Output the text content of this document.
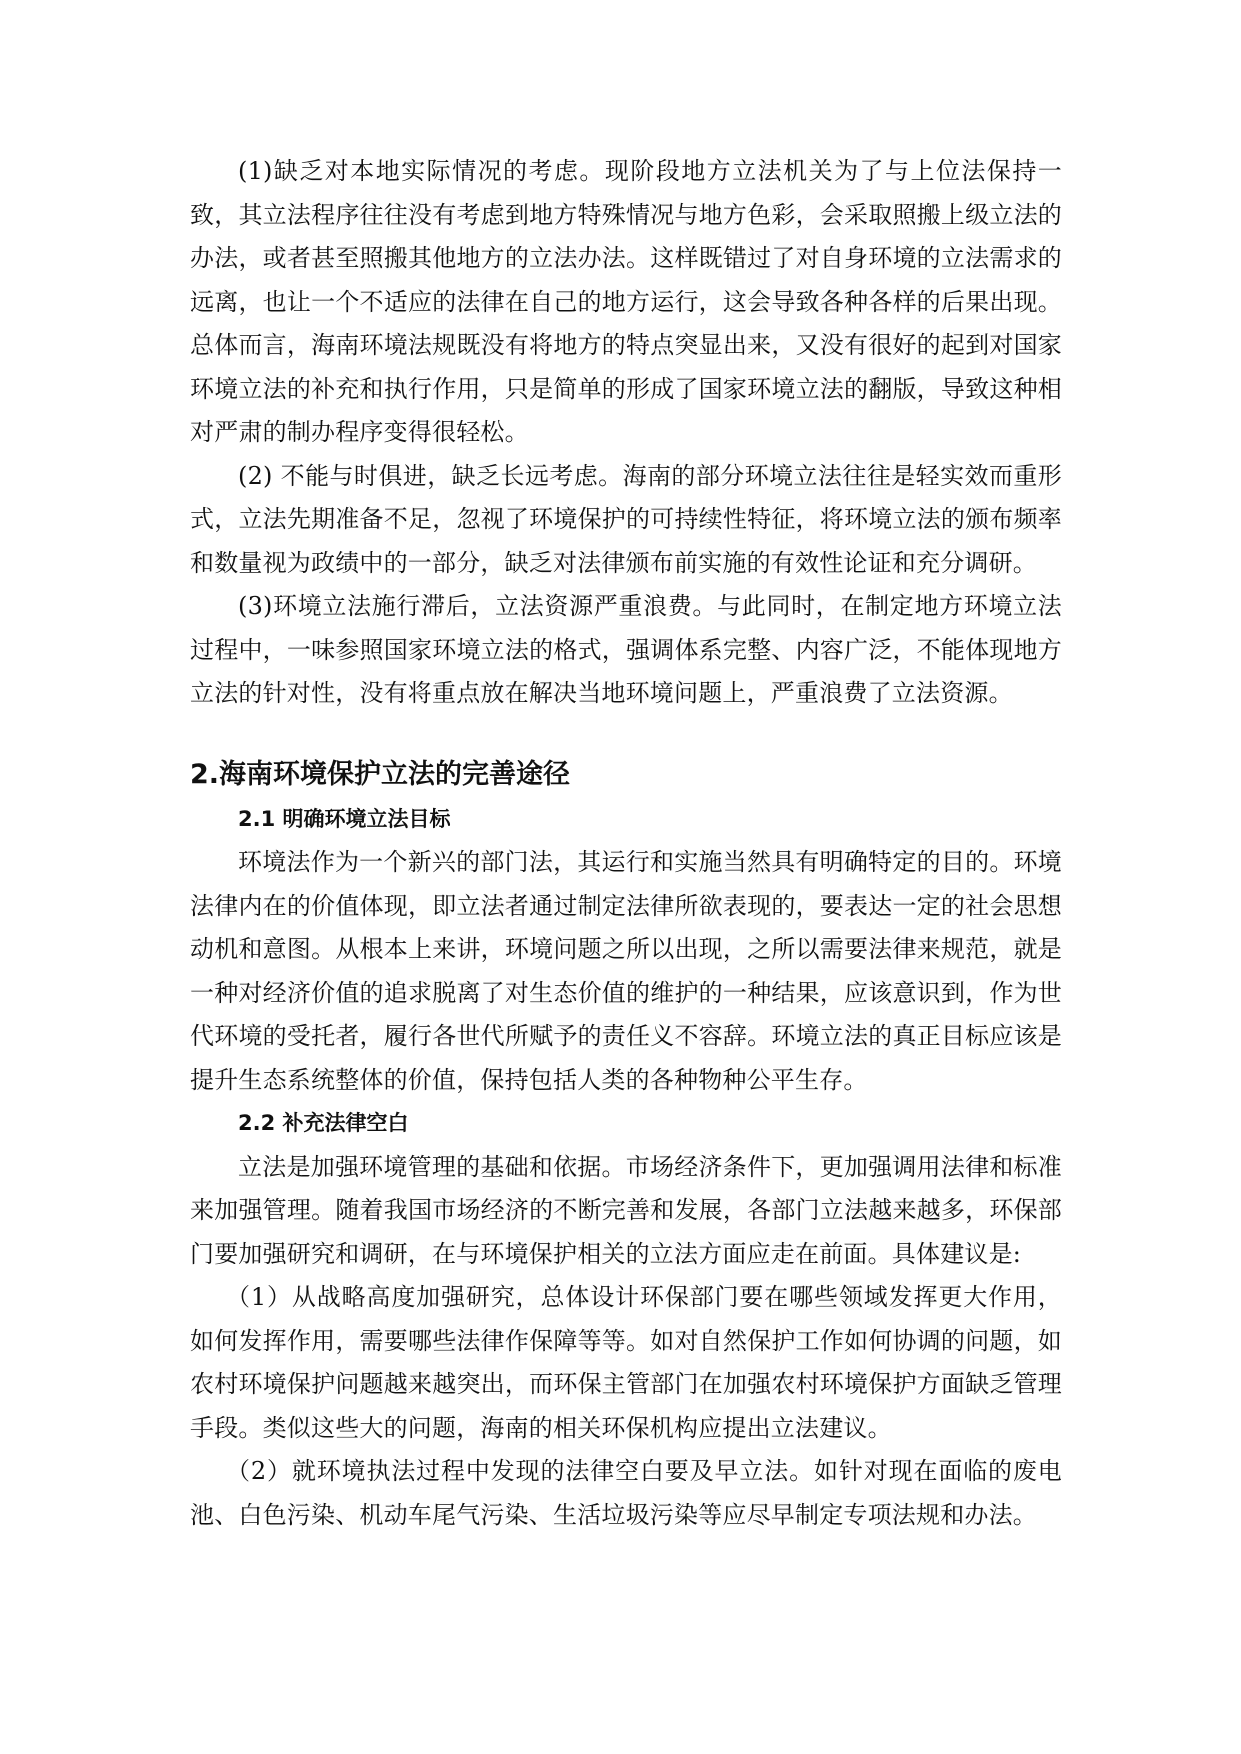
(1)缺乏对本地实际情况的考虑。现阶段地方立法机关为了与上位法保持一致，其立法程序往往没有考虑到地方特殊情况与地方色彩，会采取照搬上级立法的办法，或者甚至照搬其他地方的立法办法。这样既错过了对自身环境的立法需求的远离，也让一个不适应的法律在自己的地方运行，这会导致各种各样的后果出现。总体而言，海南环境法规既没有将地方的特点突显出来，又没有很好的起到对国家环境立法的补充和执行作用，只是简单的形成了国家环境立法的翻版，导致这种相对严肃的制办程序变得很轻松。

(2) 不能与时俱进，缺乏长远考虑。海南的部分环境立法往往是轻实效而重形式，立法先期准备不足，忽视了环境保护的可持续性特征，将环境立法的颁布频率和数量视为政绩中的一部分，缺乏对法律颁布前实施的有效性论证和充分调研。

(3)环境立法施行滞后，立法资源严重浪费。与此同时，在制定地方环境立法过程中，一味参照国家环境立法的格式，强调体系完整、内容广泛，不能体现地方立法的针对性，没有将重点放在解决当地环境问题上，严重浪费了立法资源。

2.海南环境保护立法的完善途径
2.1 明确环境立法目标

环境法作为一个新兴的部门法，其运行和实施当然具有明确特定的目的。环境法律内在的价值体现，即立法者通过制定法律所欲表现的，要表达一定的社会思想动机和意图。从根本上来讲，环境问题之所以出现，之所以需要法律来规范，就是一种对经济价值的追求脱离了对生态价值的维护的一种结果，应该意识到，作为世代环境的受托者，履行各世代所赋予的责任义不容辞。环境立法的真正目标应该是提升生态系统整体的价值，保持包括人类的各种物种公平生存。

2.2 补充法律空白

立法是加强环境管理的基础和依据。市场经济条件下，更加强调用法律和标准来加强管理。随着我国市场经济的不断完善和发展，各部门立法越来越多，环保部门要加强研究和调研，在与环境保护相关的立法方面应走在前面。具体建议是:

（1）从战略高度加强研究，总体设计环保部门要在哪些领域发挥更大作用，如何发挥作用，需要哪些法律作保障等等。如对自然保护工作如何协调的问题，如农村环境保护问题越来越突出，而环保主管部门在加强农村环境保护方面缺乏管理手段。类似这些大的问题，海南的相关环保机构应提出立法建议。

（2）就环境执法过程中发现的法律空白要及早立法。如针对现在面临的废电池、白色污染、机动车尾气污染、生活垃圾污染等应尽早制定专项法规和办法。
